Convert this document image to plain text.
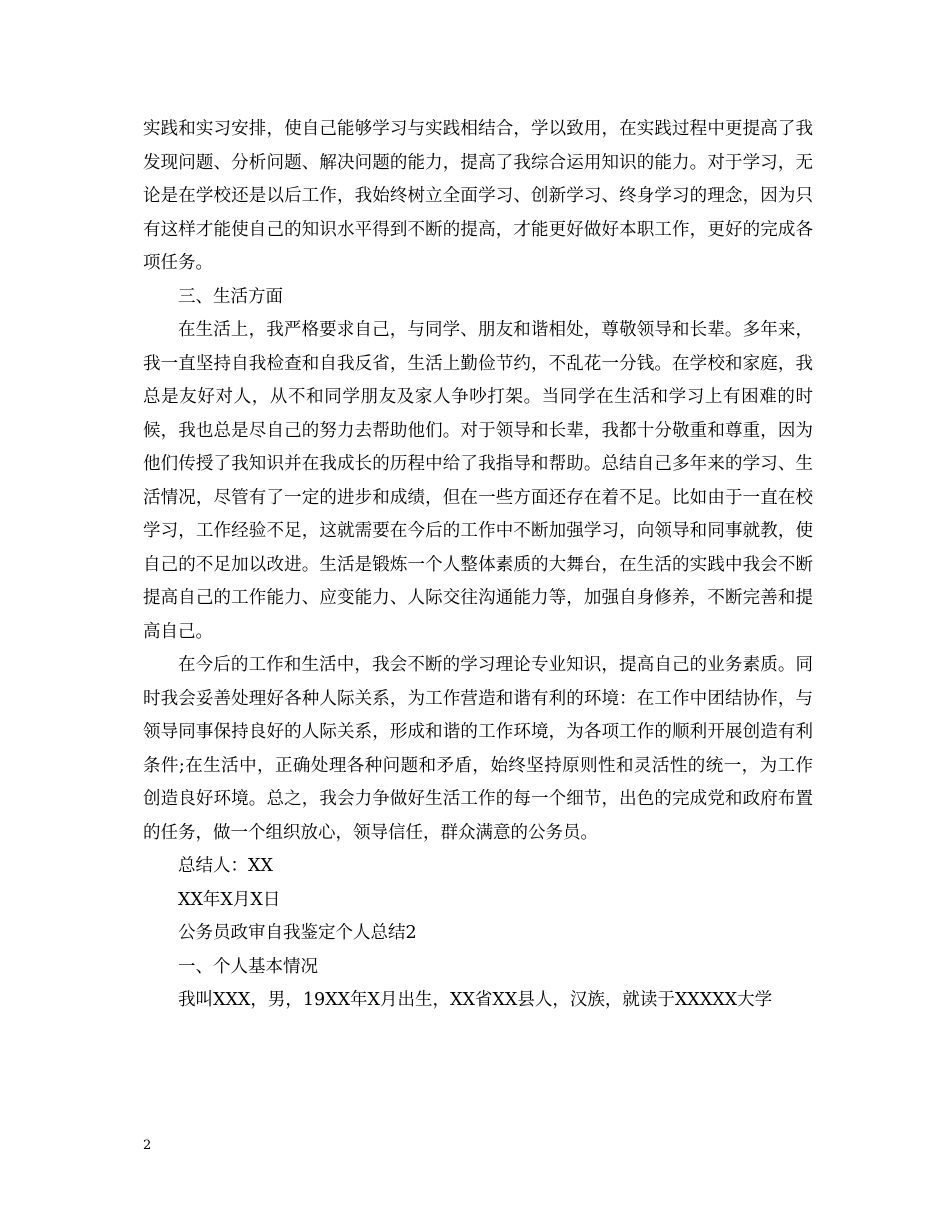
实践和实习安排，使自己能够学习与实践相结合，学以致用，在实践过程中更提高了我发现问题、分析问题、解决问题的能力，提高了我综合运用知识的能力。对于学习，无论是在学校还是以后工作，我始终树立全面学习、创新学习、终身学习的理念，因为只有这样才能使自己的知识水平得到不断的提高，才能更好做好本职工作，更好的完成各项任务。

三、生活方面

在生活上，我严格要求自己，与同学、朋友和谐相处，尊敬领导和长辈。多年来，我一直坚持自我检查和自我反省，生活上勤俭节约，不乱花一分钱。在学校和家庭，我总是友好对人，从不和同学朋友及家人争吵打架。当同学在生活和学习上有困难的时候，我也总是尽自己的努力去帮助他们。对于领导和长辈，我都十分敬重和尊重，因为他们传授了我知识并在我成长的历程中给了我指导和帮助。总结自己多年来的学习、生活情况，尽管有了一定的进步和成绩，但在一些方面还存在着不足。比如由于一直在校学习，工作经验不足，这就需要在今后的工作中不断加强学习，向领导和同事就教，使自己的不足加以改进。生活是锻炼一个人整体素质的大舞台，在生活的实践中我会不断提高自己的工作能力、应变能力、人际交往沟通能力等，加强自身修养，不断完善和提高自己。

在今后的工作和生活中，我会不断的学习理论专业知识，提高自己的业务素质。同时我会妥善处理好各种人际关系，为工作营造和谐有利的环境：在工作中团结协作，与领导同事保持良好的人际关系，形成和谐的工作环境，为各项工作的顺利开展创造有利条件;在生活中，正确处理各种问题和矛盾，始终坚持原则性和灵活性的统一，为工作创造良好环境。总之，我会力争做好生活工作的每一个细节，出色的完成党和政府布置的任务，做一个组织放心，领导信任，群众满意的公务员。

总结人：XX

XX年X月X日

公务员政审自我鉴定个人总结2

一、个人基本情况

我叫XXX，男，19XX年X月出生，XX省XX县人，汉族，就读于XXXXX大学

2
